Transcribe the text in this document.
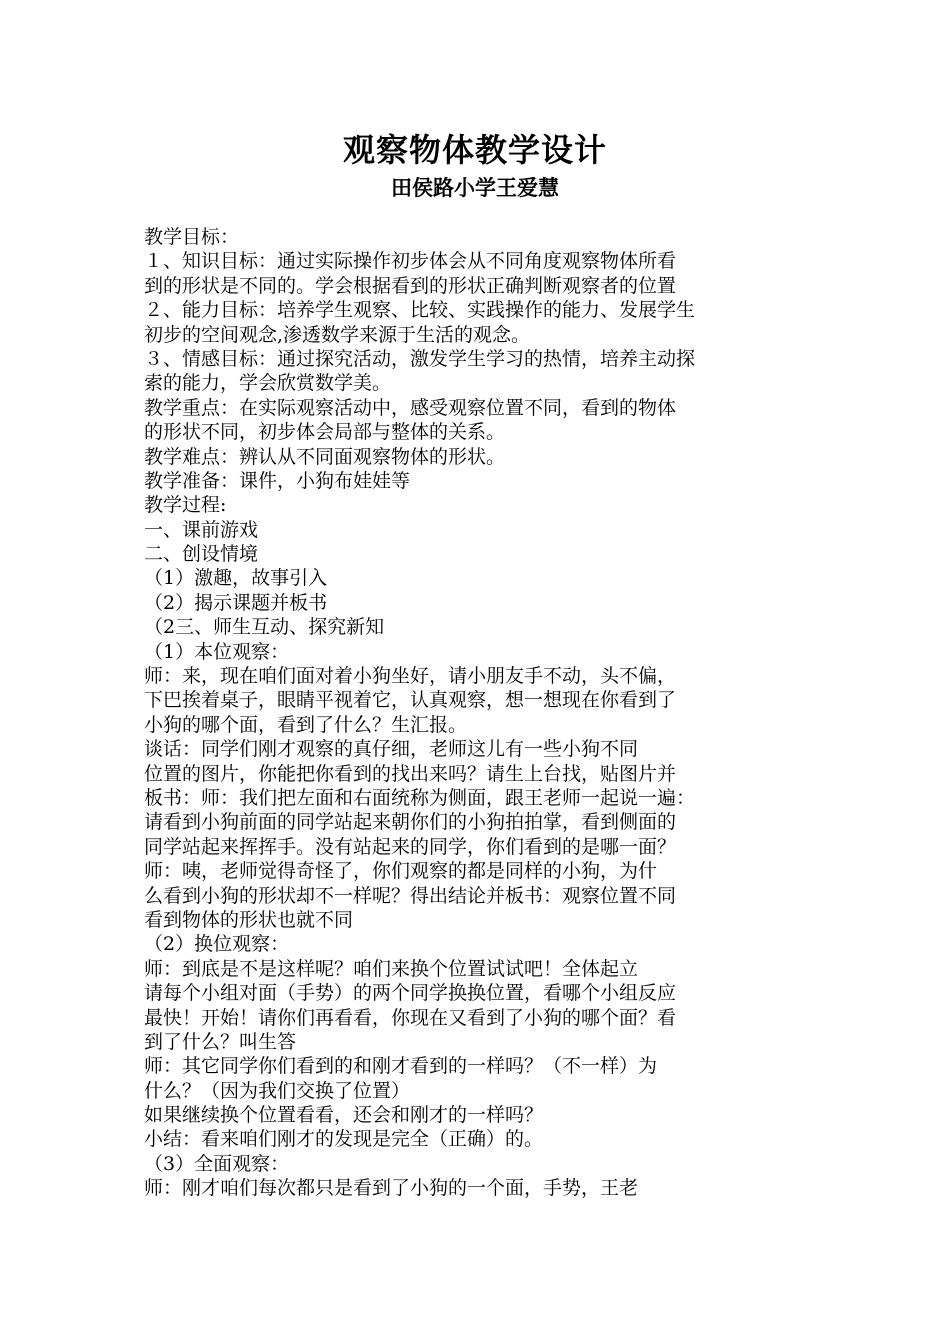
观察物体教学设计
田侯路小学王爱慧
教学目标：
１、知识目标：通过实际操作初步体会从不同角度观察物体所看
到的形状是不同的。学会根据看到的形状正确判断观察者的位置
２、能力目标：培养学生观察、比较、实践操作的能力、发展学生
初步的空间观念,渗透数学来源于生活的观念。
３、情感目标：通过探究活动，激发学生学习的热情，培养主动探
索的能力，学会欣赏数学美。
教学重点：在实际观察活动中，感受观察位置不同，看到的物体
的形状不同，初步体会局部与整体的关系。
教学难点：辨认从不同面观察物体的形状。
教学准备：课件，小狗布娃娃等
教学过程:
一、课前游戏
二、创设情境
（1）激趣，故事引入
（2）揭示课题并板书
（2三、师生互动、探究新知
（1）本位观察：
师：来，现在咱们面对着小狗坐好，请小朋友手不动，头不偏，
下巴挨着桌子，眼睛平视着它，认真观察，想一想现在你看到了
小狗的哪个面，看到了什么？生汇报。
谈话：同学们刚才观察的真仔细，老师这儿有一些小狗不同
位置的图片，你能把你看到的找出来吗？请生上台找，贴图片并
板书：师：我们把左面和右面统称为侧面，跟王老师一起说一遍：
请看到小狗前面的同学站起来朝你们的小狗拍拍掌，看到侧面的
同学站起来挥挥手。没有站起来的同学，你们看到的是哪一面？
师：咦，老师觉得奇怪了，你们观察的都是同样的小狗，为什
么看到小狗的形状却不一样呢？得出结论并板书：观察位置不同
看到物体的形状也就不同
（2）换位观察：
师：到底是不是这样呢？咱们来换个位置试试吧！全体起立
请每个小组对面（手势）的两个同学换换位置，看哪个小组反应
最快！开始！请你们再看看，你现在又看到了小狗的哪个面？看
到了什么？叫生答
师：其它同学你们看到的和刚才看到的一样吗？（不一样）为
什么？（因为我们交换了位置）
如果继续换个位置看看，还会和刚才的一样吗？
小结：看来咱们刚才的发现是完全（正确）的。
（3）全面观察：
师：刚才咱们每次都只是看到了小狗的一个面，手势，王老
